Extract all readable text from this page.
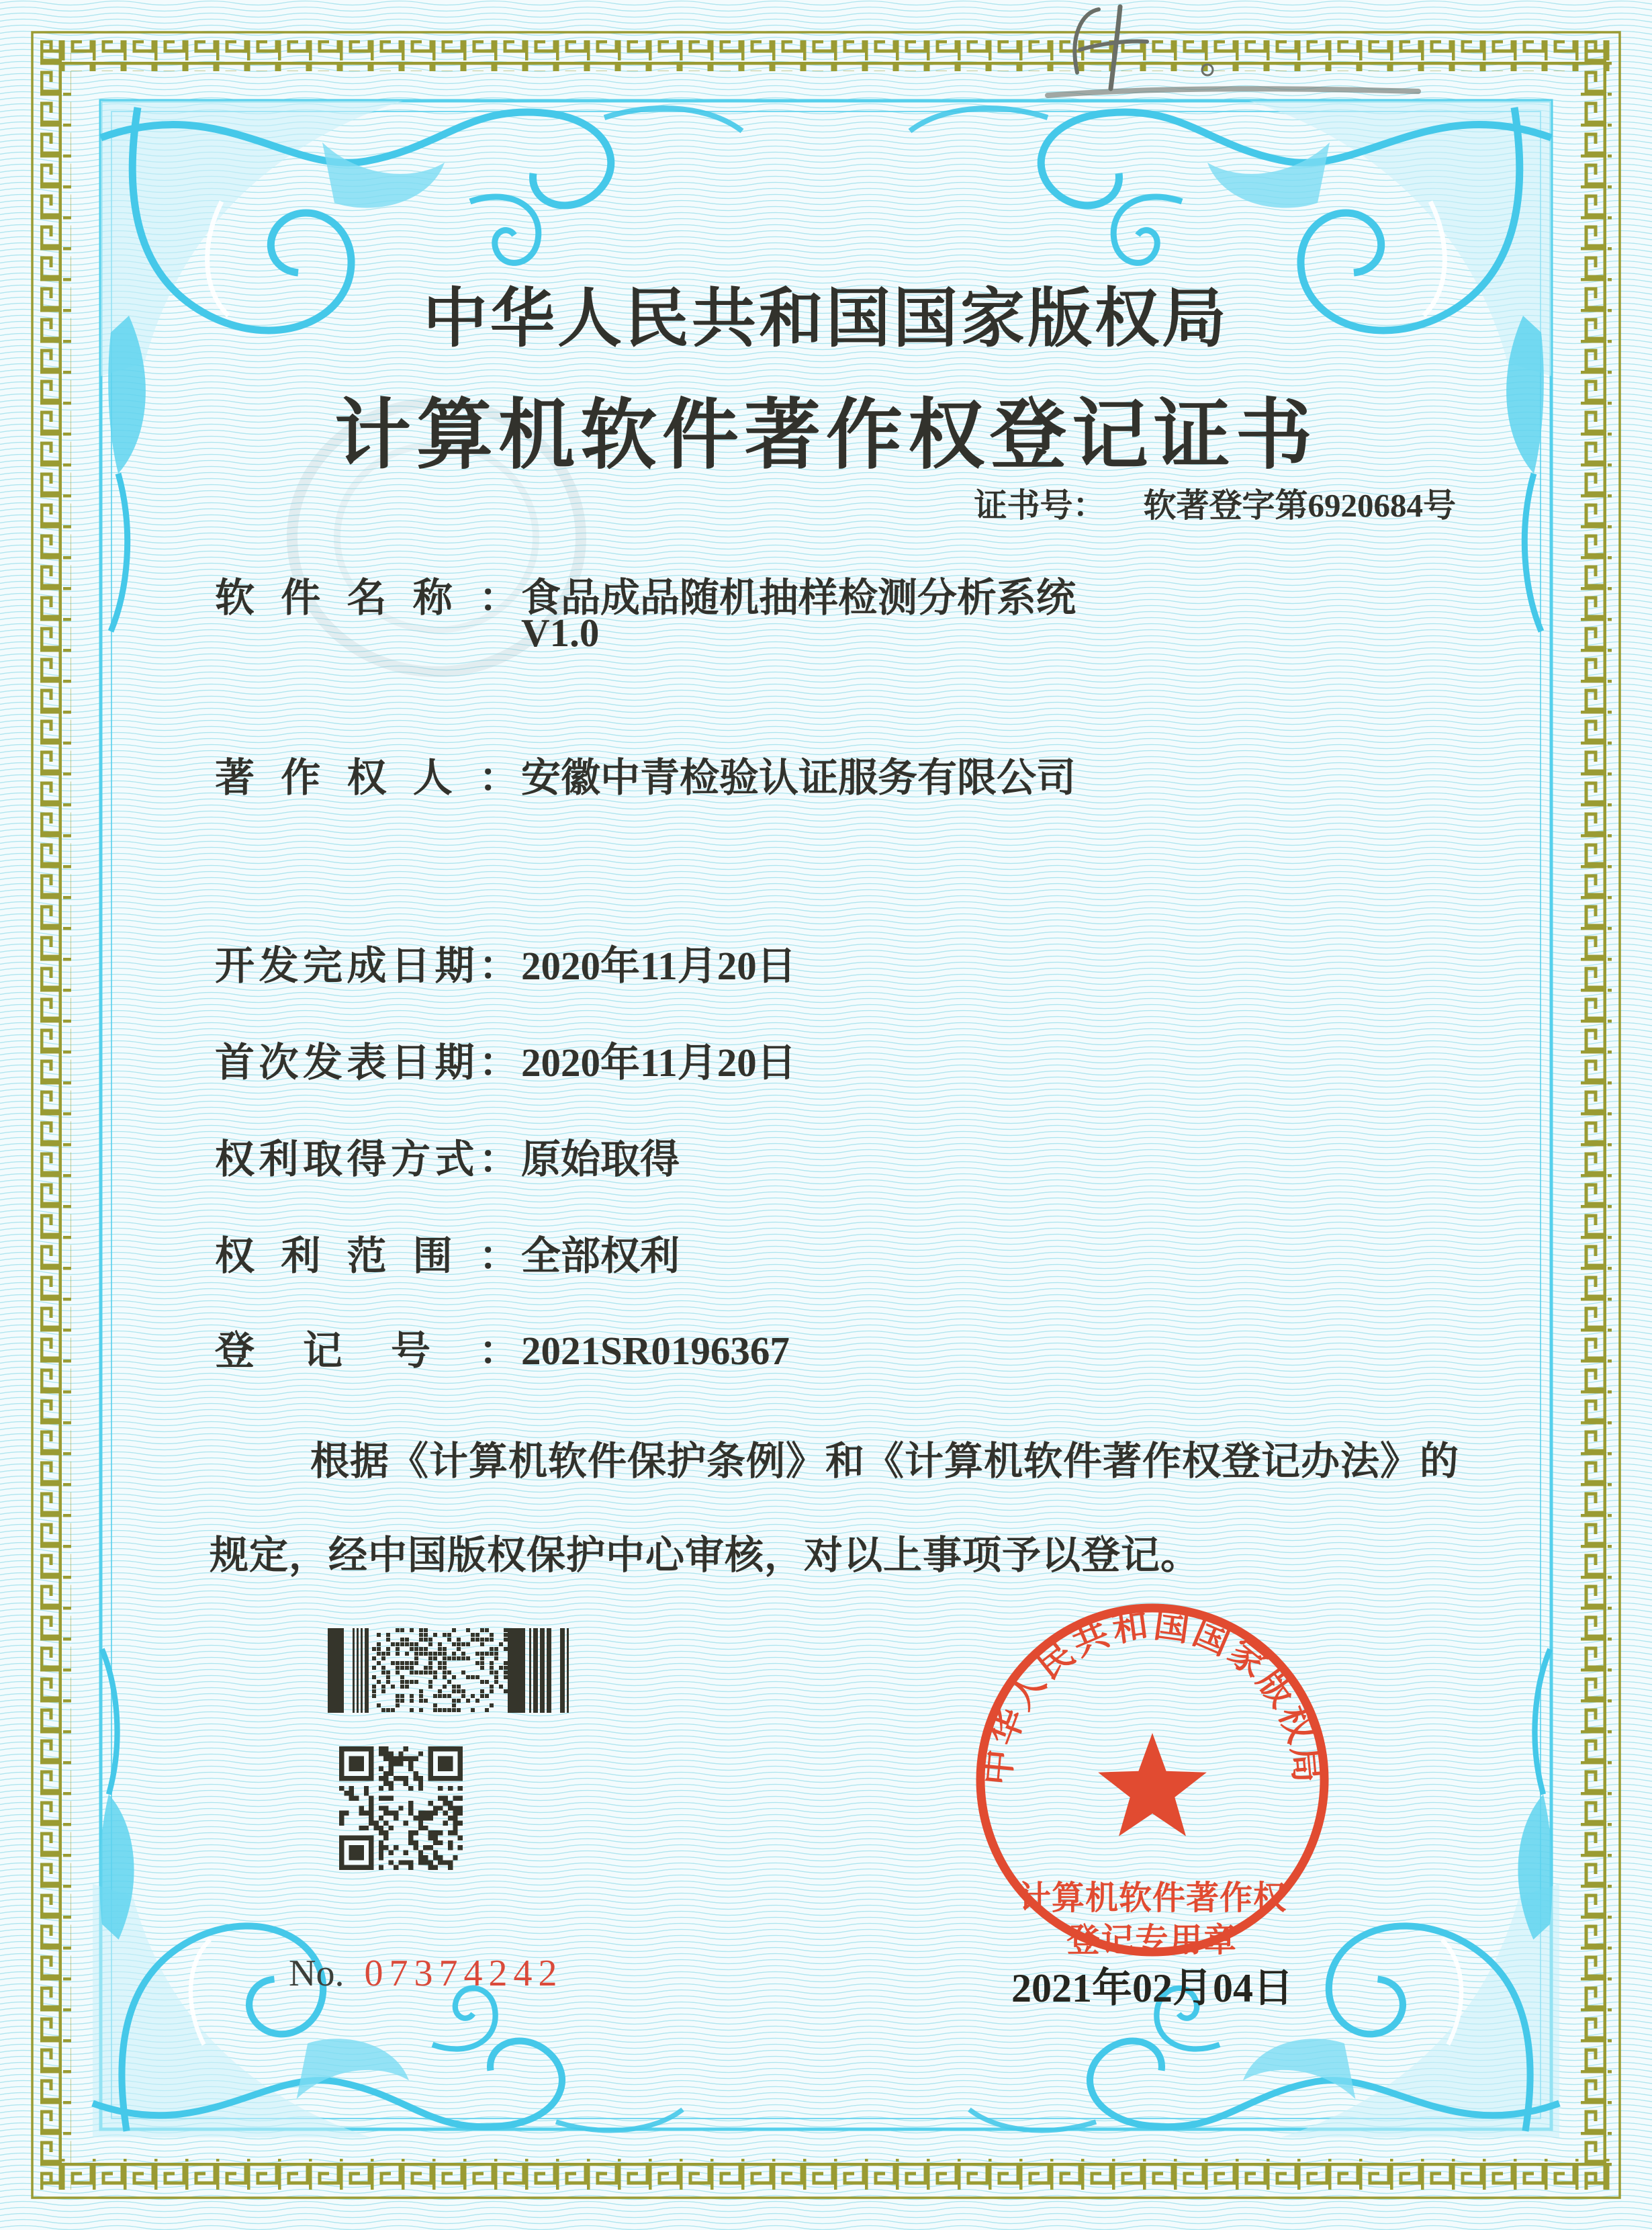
中华人民共和国国家版权局
计算机软件著作权登记证书
证书号： 软著登字第6920684号
软件名称：食品成品随机抽样检测分析系统
V1.0
著作权人：安徽中青检验认证服务有限公司
开发完成日期：2020年11月20日
首次发表日期：2020年11月20日
权利取得方式：原始取得
权利范围：全部权利
登记号：2021SR0196367
根据《计算机软件保护条例》和《计算机软件著作权登记办法》的
规定，经中国版权保护中心审核，对以上事项予以登记。
No. 07374242
中华人民共和国国家版权局
计算机软件著作权
登记专用章
2021年02月04日
